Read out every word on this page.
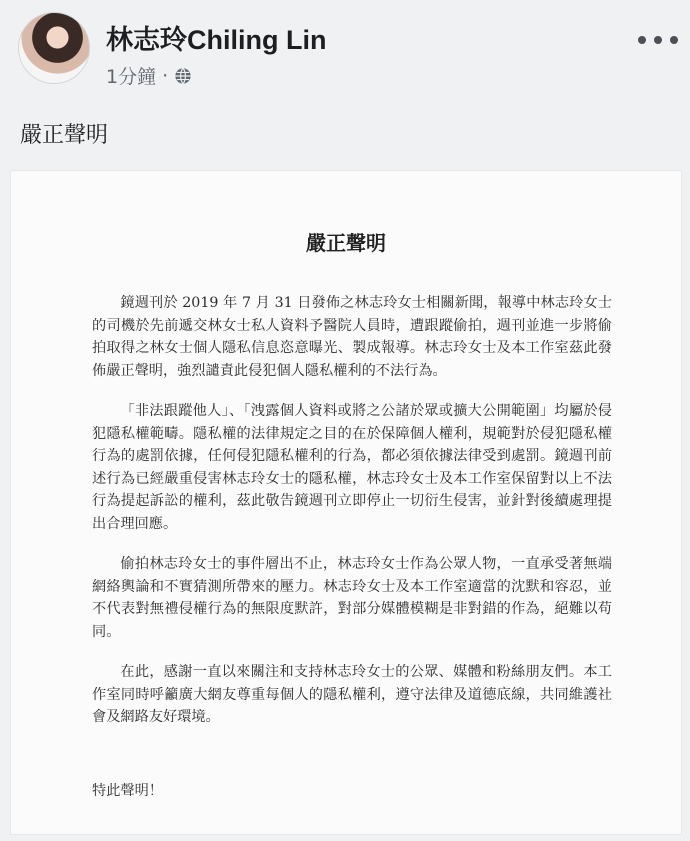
林志玲Chiling Lin
1分鐘 ·
嚴正聲明
嚴正聲明

鏡週刊於 2019 年 7 月 31 日發佈之林志玲女士相關新聞，報導中林志玲女士的司機於先前遞交林女士私人資料予醫院人員時，遭跟蹤偷拍，週刊並進一步將偷拍取得之林女士個人隱私信息恣意曝光、製成報導。林志玲女士及本工作室茲此發佈嚴正聲明，強烈譴責此侵犯個人隱私權利的不法行為。

「非法跟蹤他人」、「洩露個人資料或將之公諸於眾或擴大公開範圍」均屬於侵犯隱私權範疇。隱私權的法律規定之目的在於保障個人權利，規範對於侵犯隱私權行為的處罰依據，任何侵犯隱私權利的行為，都必須依據法律受到處罰。鏡週刊前述行為已經嚴重侵害林志玲女士的隱私權，林志玲女士及本工作室保留對以上不法行為提起訴訟的權利，茲此敬告鏡週刊立即停止一切衍生侵害，並針對後續處理提出合理回應。

偷拍林志玲女士的事件層出不止，林志玲女士作為公眾人物，一直承受著無端網絡輿論和不實猜測所帶來的壓力。林志玲女士及本工作室適當的沈默和容忍，並不代表對無禮侵權行為的無限度默許，對部分媒體模糊是非對錯的作為，絕難以苟同。

在此，感謝一直以來關注和支持林志玲女士的公眾、媒體和粉絲朋友們。本工作室同時呼籲廣大網友尊重每個人的隱私權利，遵守法律及道德底線，共同維護社會及網路友好環境。

特此聲明！
